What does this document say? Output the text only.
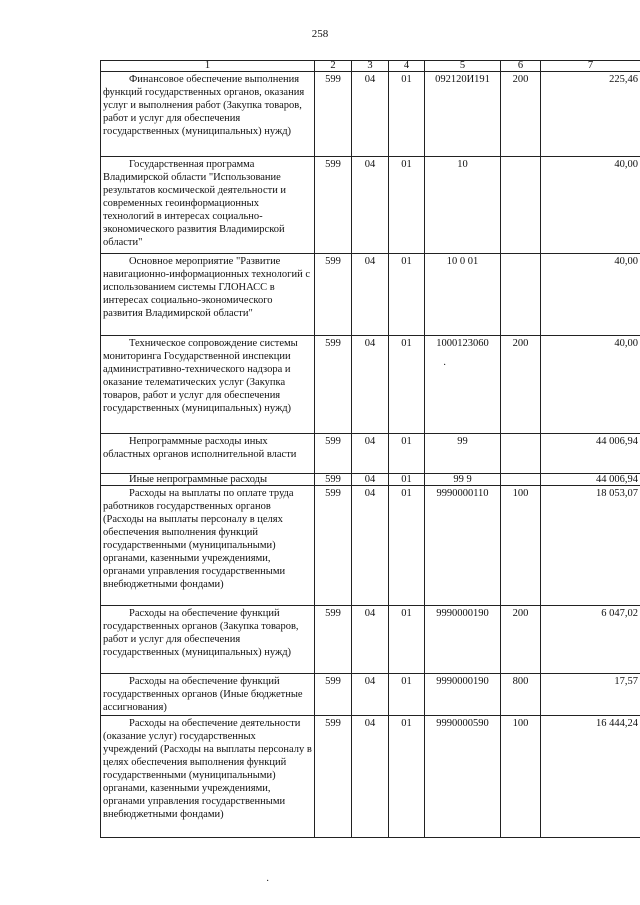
258
1	2	3	4	5	6	7
Финансовое обеспечение выполнения функций государственных органов, оказания услуг и выполнения работ (Закупка товаров, работ и услуг для обеспечения государственных (муниципальных) нужд)	599	04	01	092120И191	200	225,46
Государственная программа Владимирской области "Использование результатов космической деятельности и современных геоинформационных технологий в интересах социально-экономического развития Владимирской области"	599	04	01	10		40,00
Основное мероприятие "Развитие навигационно-информационных технологий с использованием системы ГЛОНАСС в интересах социально-экономического развития Владимирской области"	599	04	01	10 0 01		40,00
Техническое сопровождение системы мониторинга Государственной инспекции административно-технического надзора и оказание телематических услуг (Закупка товаров, работ и услуг для обеспечения государственных (муниципальных) нужд)	599	04	01	1000123060	200	40,00
Непрограммные расходы иных областных органов исполнительной власти	599	04	01	99		44 006,94
Иные непрограммные расходы	599	04	01	99 9		44 006,94
Расходы на выплаты по оплате труда работников государственных органов (Расходы на выплаты персоналу в целях обеспечения выполнения функций государственными (муниципальными) органами, казенными учреждениями, органами управления государственными внебюджетными фондами)	599	04	01	9990000110	100	18 053,07
Расходы на обеспечение функций государственных органов (Закупка товаров, работ и услуг для обеспечения государственных (муниципальных) нужд)	599	04	01	9990000190	200	6 047,02
Расходы на обеспечение функций государственных органов (Иные бюджетные ассигнования)	599	04	01	9990000190	800	17,57
Расходы на обеспечение деятельности (оказание услуг) государственных учреждений (Расходы на выплаты персоналу в целях обеспечения выполнения функций государственными (муниципальными) органами, казенными учреждениями, органами управления государственными внебюджетными фондами)	599	04	01	9990000590	100	16 444,24
·
·
